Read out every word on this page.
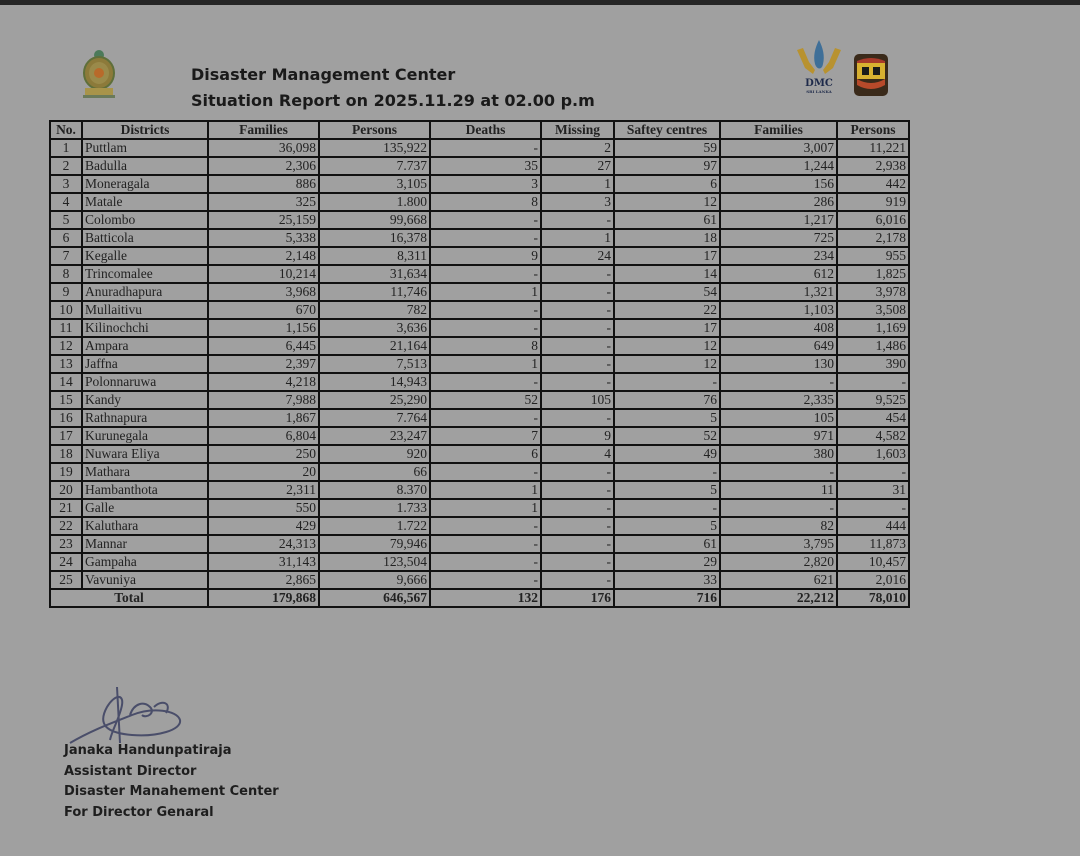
DMC
SRI LANKA
Disaster Management Center
Situation Report on 2025.11.29 at 02.00 p.m
No.	Districts	Families	Persons	Deaths	Missing	Saftey centres	Families	Persons
1	Puttlam	36,098	135,922	-	2	59	3,007	11,221
2	Badulla	2,306	7.737	35	27	97	1,244	2,938
3	Moneragala	886	3,105	3	1	6	156	442
4	Matale	325	1.800	8	3	12	286	919
5	Colombo	25,159	99,668	-	-	61	1,217	6,016
6	Batticola	5,338	16,378	-	1	18	725	2,178
7	Kegalle	2,148	8,311	9	24	17	234	955
8	Trincomalee	10,214	31,634	-	-	14	612	1,825
9	Anuradhapura	3,968	11,746	1	-	54	1,321	3,978
10	Mullaitivu	670	782	-	-	22	1,103	3,508
11	Kilinochchi	1,156	3,636	-	-	17	408	1,169
12	Ampara	6,445	21,164	8	-	12	649	1,486
13	Jaffna	2,397	7,513	1	-	12	130	390
14	Polonnaruwa	4,218	14,943	-	-	-	-	-
15	Kandy	7,988	25,290	52	105	76	2,335	9,525
16	Rathnapura	1,867	7.764	-	-	5	105	454
17	Kurunegala	6,804	23,247	7	9	52	971	4,582
18	Nuwara Eliya	250	920	6	4	49	380	1,603
19	Mathara	20	66	-	-	-	-	-
20	Hambanthota	2,311	8.370	1	-	5	11	31
21	Galle	550	1.733	1	-	-	-	-
22	Kaluthara	429	1.722	-	-	5	82	444
23	Mannar	24,313	79,946	-	-	61	3,795	11,873
24	Gampaha	31,143	123,504	-	-	29	2,820	10,457
25	Vavuniya	2,865	9,666	-	-	33	621	2,016
Total		179,868	646,567	132	176	716	22,212	78,010
Janaka Handunpatiraja
Assistant Director
Disaster Manahement Center
For Director Genaral
